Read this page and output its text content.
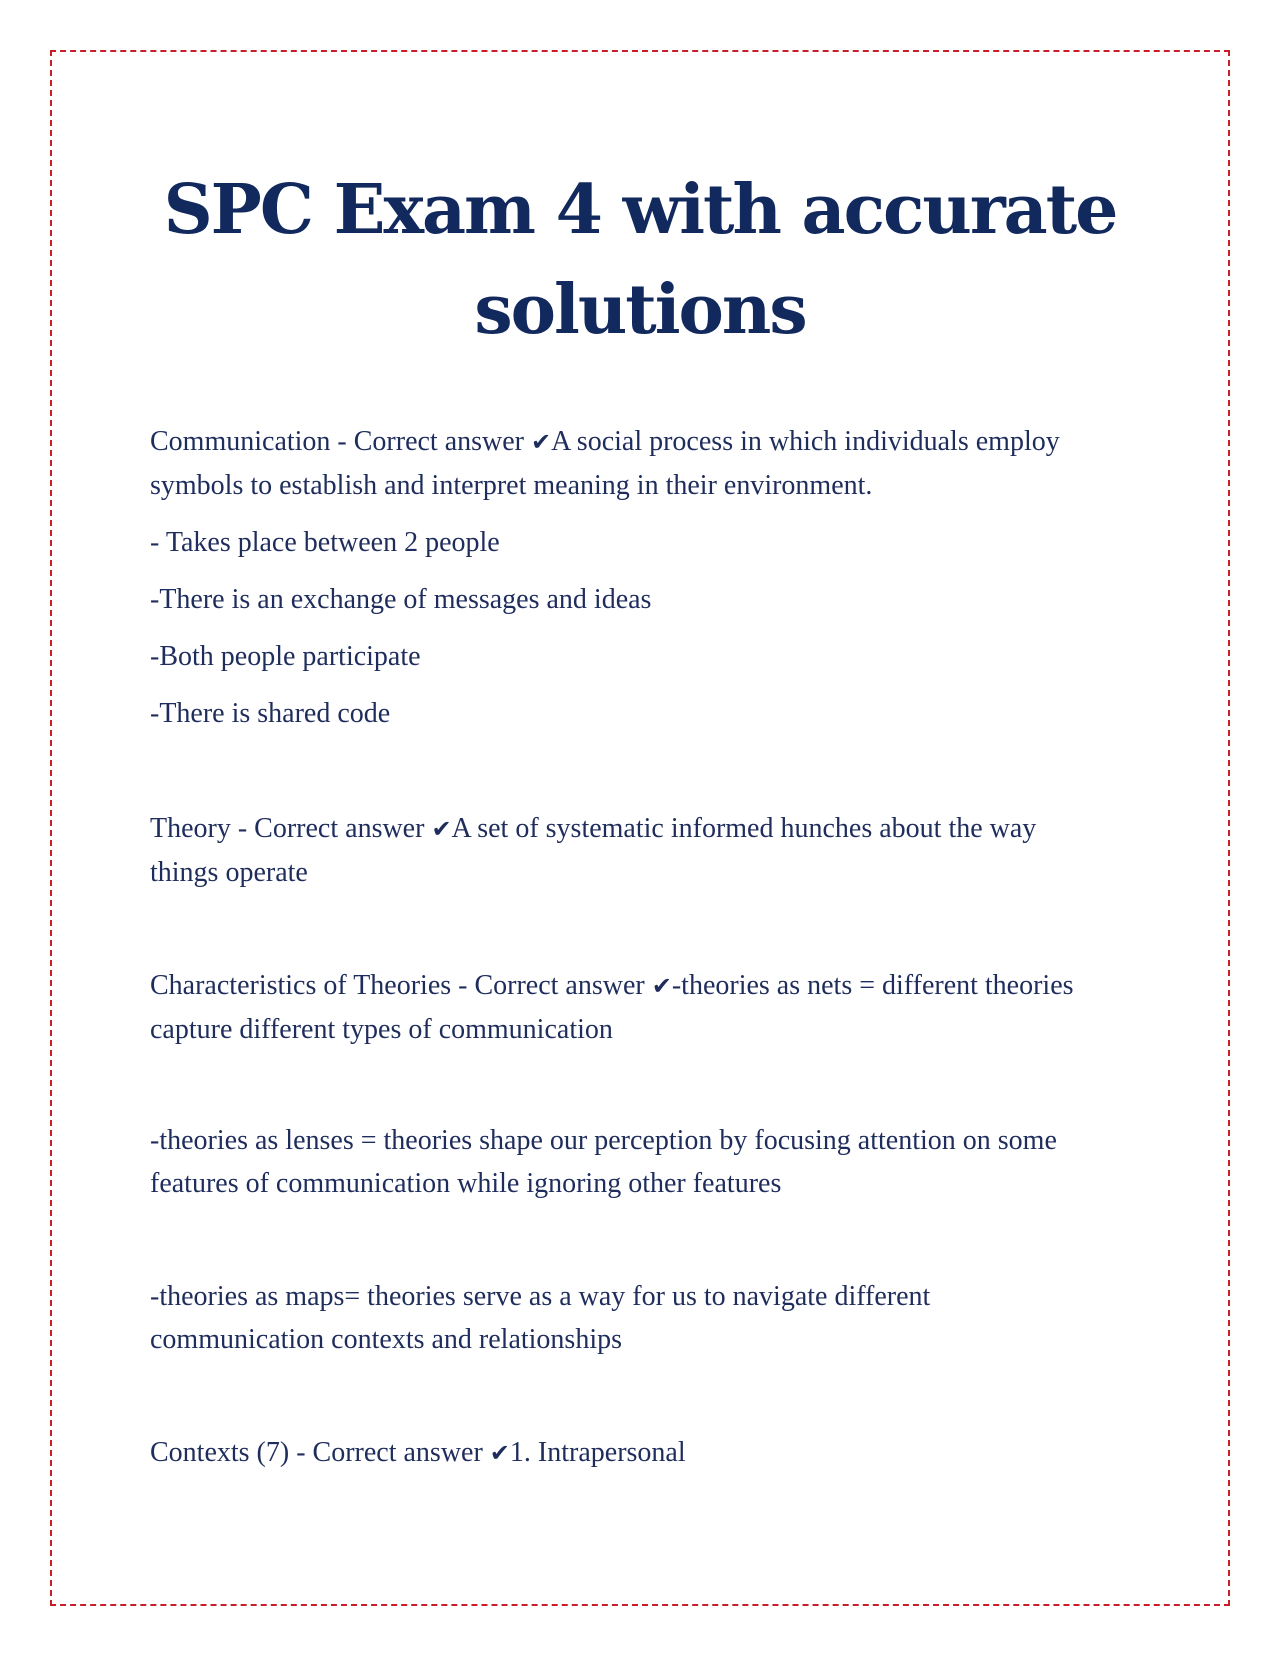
SPC Exam 4 with accurate
solutions

Communication - Correct answer ✔A social process in which individuals employ symbols to establish and interpret meaning in their environment.

- Takes place between 2 people

-There is an exchange of messages and ideas

-Both people participate

-There is shared code

Theory - Correct answer ✔A set of systematic informed hunches about the way things operate

Characteristics of Theories - Correct answer ✔-theories as nets = different theories capture different types of communication

-theories as lenses = theories shape our perception by focusing attention on some features of communication while ignoring other features

-theories as maps= theories serve as a way for us to navigate different communication contexts and relationships

Contexts (7) - Correct answer ✔1. Intrapersonal
